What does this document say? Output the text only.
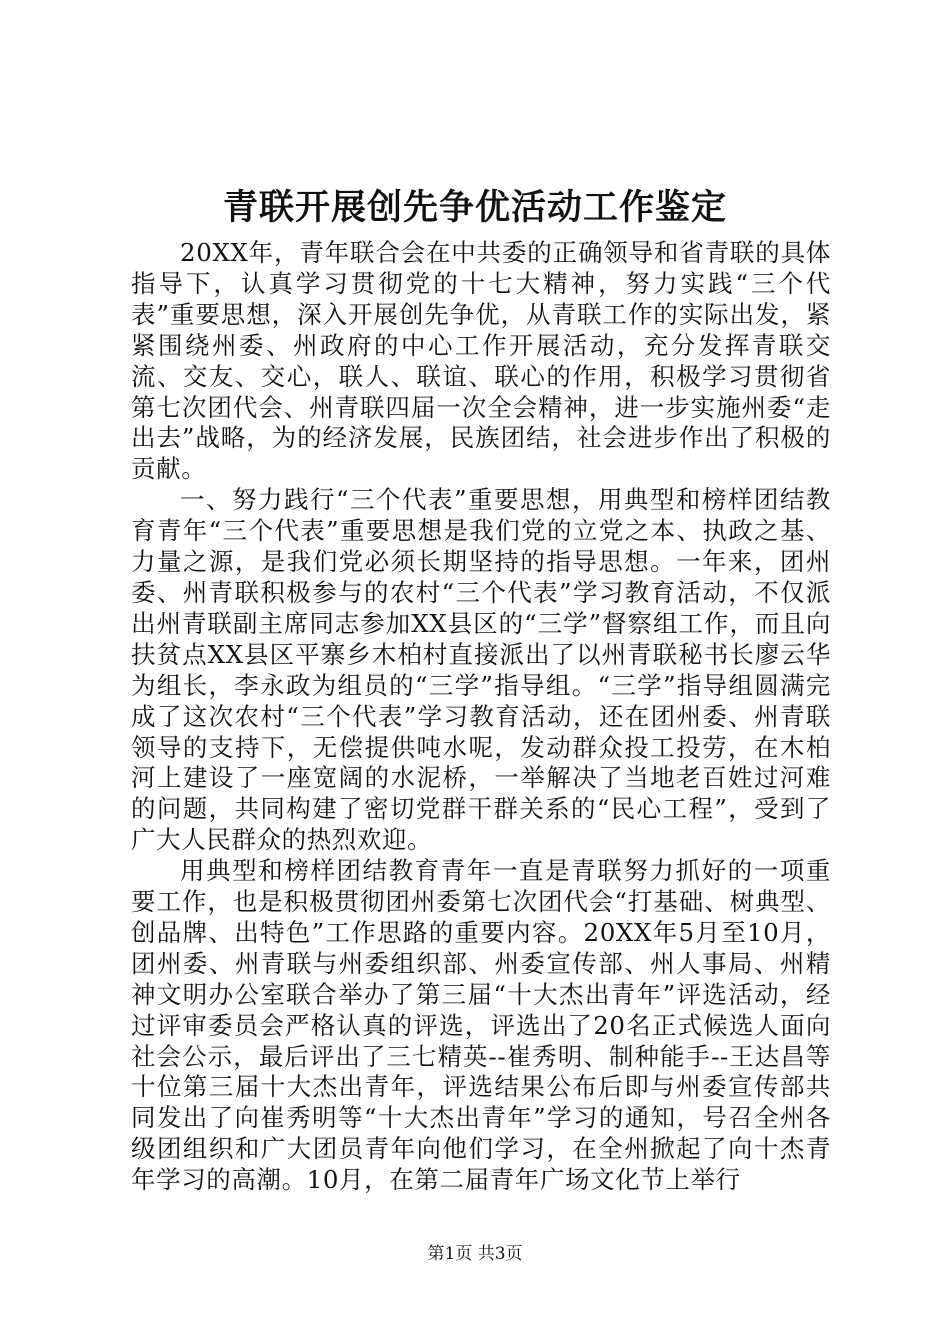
青联开展创先争优活动工作鉴定

20XX年，青年联合会在中共委的正确领导和省青联的具体指导下，认真学习贯彻党的十七大精神，努力实践“三个代表”重要思想，深入开展创先争优，从青联工作的实际出发，紧紧围绕州委、州政府的中心工作开展活动，充分发挥青联交流、交友、交心，联人、联谊、联心的作用，积极学习贯彻省第七次团代会、州青联四届一次全会精神，进一步实施州委“走出去”战略，为的经济发展，民族团结，社会进步作出了积极的贡献。

一、努力践行“三个代表”重要思想，用典型和榜样团结教育青年“三个代表”重要思想是我们党的立党之本、执政之基、力量之源，是我们党必须长期坚持的指导思想。一年来，团州委、州青联积极参与的农村“三个代表”学习教育活动，不仅派出州青联副主席同志参加XX县区的“三学”督察组工作，而且向扶贫点XX县区平寨乡木柏村直接派出了以州青联秘书长廖云华为组长，李永政为组员的“三学”指导组。“三学”指导组圆满完成了这次农村“三个代表”学习教育活动，还在团州委、州青联领导的支持下，无偿提供吨水呢，发动群众投工投劳，在木柏河上建设了一座宽阔的水泥桥，一举解决了当地老百姓过河难的问题，共同构建了密切党群干群关系的“民心工程”，受到了广大人民群众的热烈欢迎。

用典型和榜样团结教育青年一直是青联努力抓好的一项重要工作，也是积极贯彻团州委第七次团代会“打基础、树典型、创品牌、出特色”工作思路的重要内容。20XX年5月至10月，团州委、州青联与州委组织部、州委宣传部、州人事局、州精神文明办公室联合举办了第三届“十大杰出青年”评选活动，经过评审委员会严格认真的评选，评选出了20名正式候选人面向社会公示，最后评出了三七精英--崔秀明、制种能手--王达昌等十位第三届十大杰出青年，评选结果公布后即与州委宣传部共同发出了向崔秀明等“十大杰出青年”学习的通知，号召全州各级团组织和广大团员青年向他们学习，在全州掀起了向十杰青年学习的高潮。10月，在第二届青年广场文化节上举行

第1页 共3页
